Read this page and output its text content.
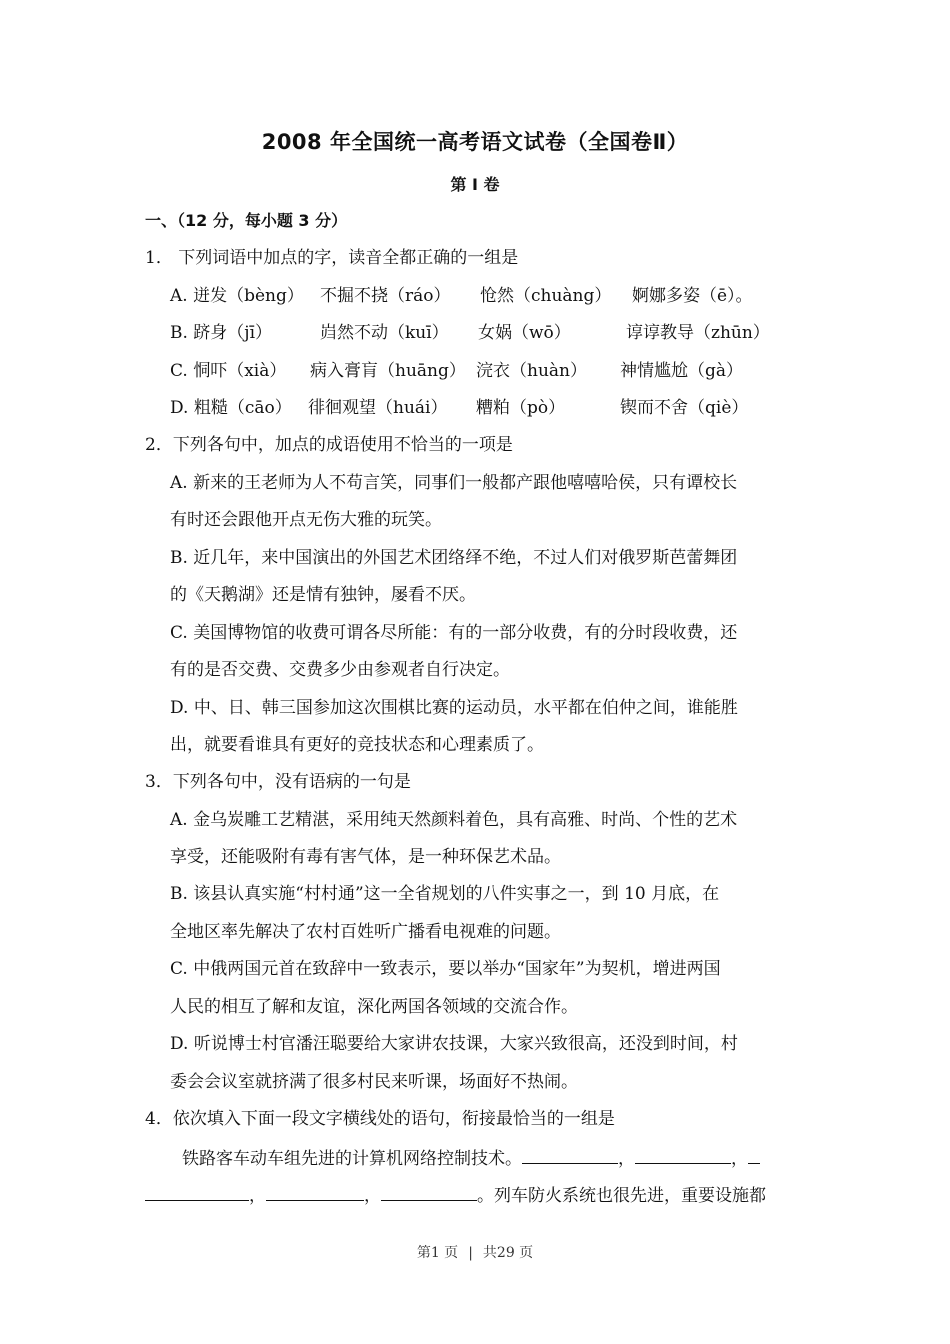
2008 年全国统一高考语文试卷（全国卷Ⅱ）
第 I 卷
一、（12 分，每小题 3 分）
1． 下列词语中加点的字，读音全都正确的一组是
A. 迸发（bèng） 不掘不挠（ráo） 怆然（chuàng） 婀娜多姿（ē）。
B. 跻身（jī）	岿然不动（kuī） 女娲（wō）	谆谆教导（zhūn）
C. 恫吓（xià） 病入膏肓（huāng） 浣衣（huàn） 神情尴尬（gà）
D. 粗糙（cāo） 徘徊观望（huái） 糟粕（pò）	锲而不舍（qiè）
2．下列各句中，加点的成语使用不恰当的一项是
A. 新来的王老师为人不苟言笑，同事们一般都产跟他嘻嘻哈侯，只有谭校长
有时还会跟他开点无伤大雅的玩笑。
B. 近几年，来中国演出的外国艺术团络绎不绝，不过人们对俄罗斯芭蕾舞团
的《天鹅湖》还是情有独钟，屡看不厌。
C. 美国博物馆的收费可谓各尽所能：有的一部分收费，有的分时段收费，还
有的是否交费、交费多少由参观者自行决定。
D. 中、日、韩三国参加这次围棋比赛的运动员，水平都在伯仲之间，谁能胜
出，就要看谁具有更好的竞技状态和心理素质了。
3．下列各句中，没有语病的一句是
A. 金乌炭雕工艺精湛，采用纯天然颜料着色，具有高雅、时尚、个性的艺术
享受，还能吸附有毒有害气体，是一种环保艺术品。
B. 该县认真实施“村村通”这一全省规划的八件实事之一，到 10 月底，在
全地区率先解决了农村百姓听广播看电视难的问题。
C. 中俄两国元首在致辞中一致表示，要以举办“国家年”为契机，增进两国
人民的相互了解和友谊，深化两国各领域的交流合作。
D. 听说博士村官潘汪聪要给大家讲农技课，大家兴致很高，还没到时间，村
委会会议室就挤满了很多村民来听课，场面好不热闹。
4．依次填入下面一段文字横线处的语句，衔接最恰当的一组是
铁路客车动车组先进的计算机网络控制技术。	，	，
，	，	。列车防火系统也很先进，重要设施都
第1 页 | 共29 页
